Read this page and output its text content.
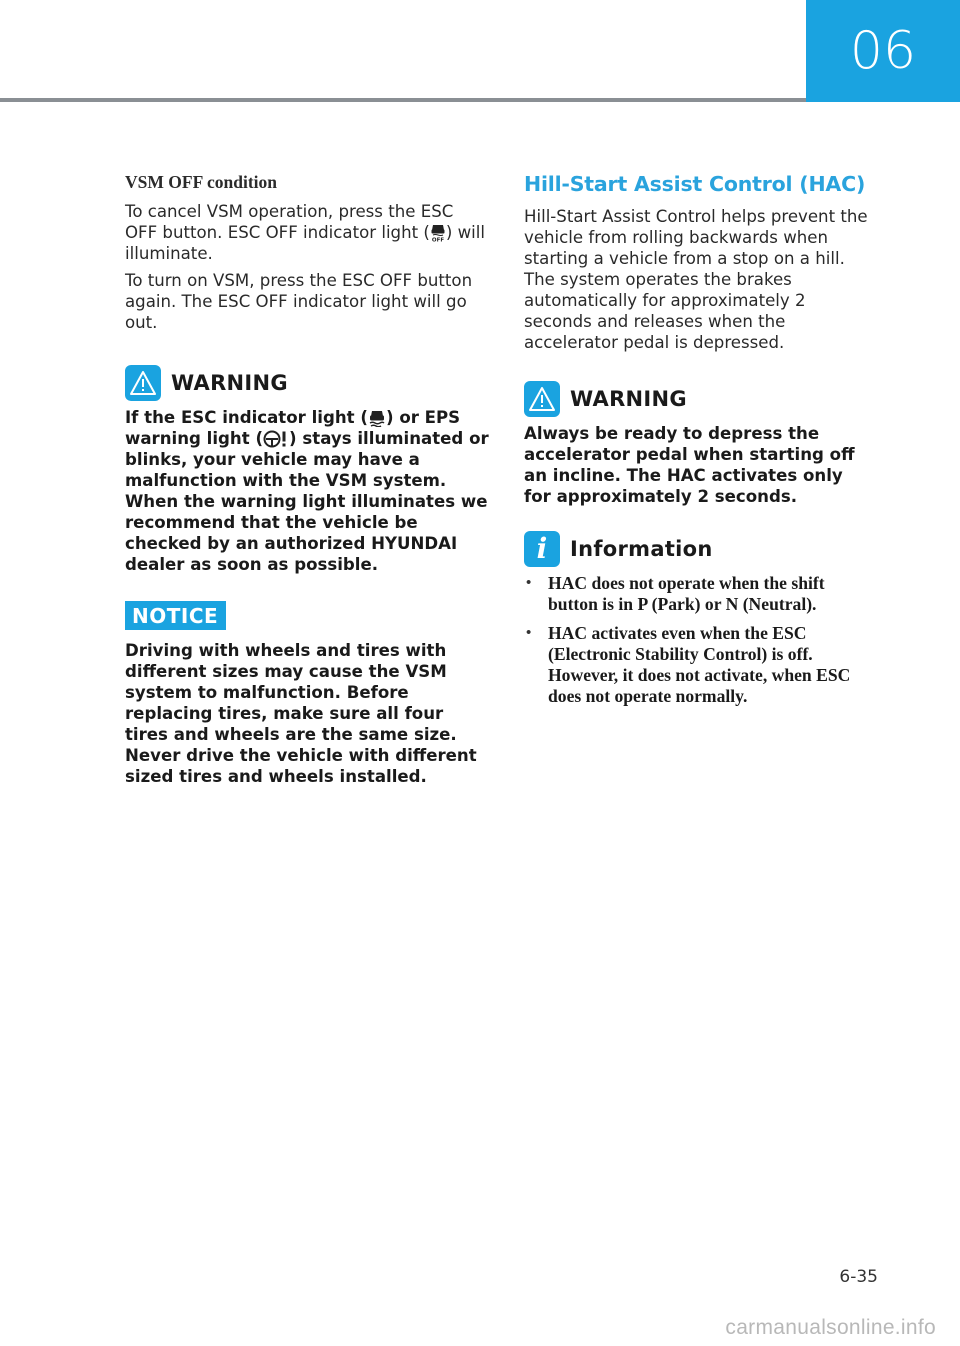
06

VSM OFF condition

To cancel VSM operation, press the ESC OFF button. ESC OFF indicator light ( OFF ) will illuminate.

To turn on VSM, press the ESC OFF button again. The ESC OFF indicator light will go out.

WARNING

If the ESC indicator light ( ) or EPS warning light ( ) stays illuminated or blinks, your vehicle may have a malfunction with the VSM system. When the warning light illuminates we recommend that the vehicle be checked by an authorized HYUNDAI dealer as soon as possible.

NOTICE

Driving with wheels and tires with different sizes may cause the VSM system to malfunction. Before replacing tires, make sure all four tires and wheels are the same size. Never drive the vehicle with different sized tires and wheels installed.

Hill-Start Assist Control (HAC)

Hill-Start Assist Control helps prevent the vehicle from rolling backwards when starting a vehicle from a stop on a hill. The system operates the brakes automatically for approximately 2 seconds and releases when the accelerator pedal is depressed.

WARNING

Always be ready to depress the accelerator pedal when starting off an incline. The HAC activates only for approximately 2 seconds.

i Information
• HAC does not operate when the shift button is in P (Park) or N (Neutral).
• HAC activates even when the ESC (Electronic Stability Control) is off. However, it does not activate, when ESC does not operate normally.
6-35
carmanualsonline.info
